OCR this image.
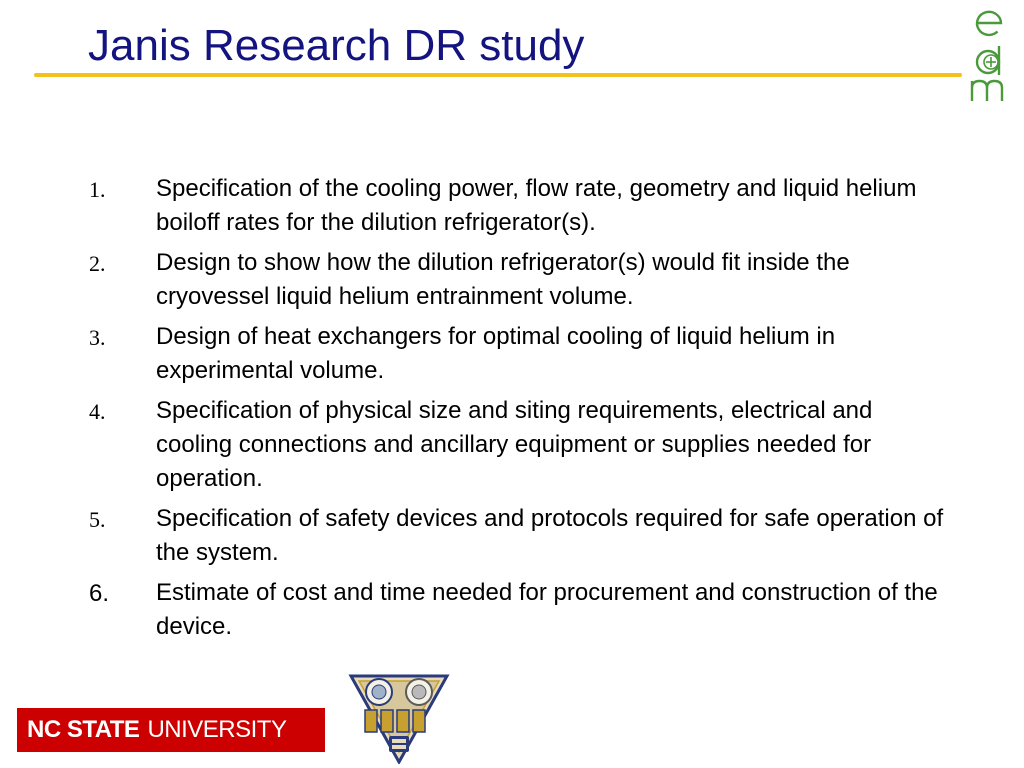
Janis Research DR study
1. Specification of the cooling power, flow rate, geometry and liquid helium boiloff rates for the dilution refrigerator(s).
2. Design to show how the dilution refrigerator(s) would fit inside the cryovessel liquid helium entrainment volume.
3. Design of heat exchangers for optimal cooling of liquid helium in experimental volume.
4. Specification of physical size and siting requirements, electrical and cooling connections and ancillary equipment or supplies needed for operation.
5. Specification of safety devices and protocols required for safe operation of the system.
6. Estimate of cost and time needed for procurement and construction of the device.
NC STATE UNIVERSITY
